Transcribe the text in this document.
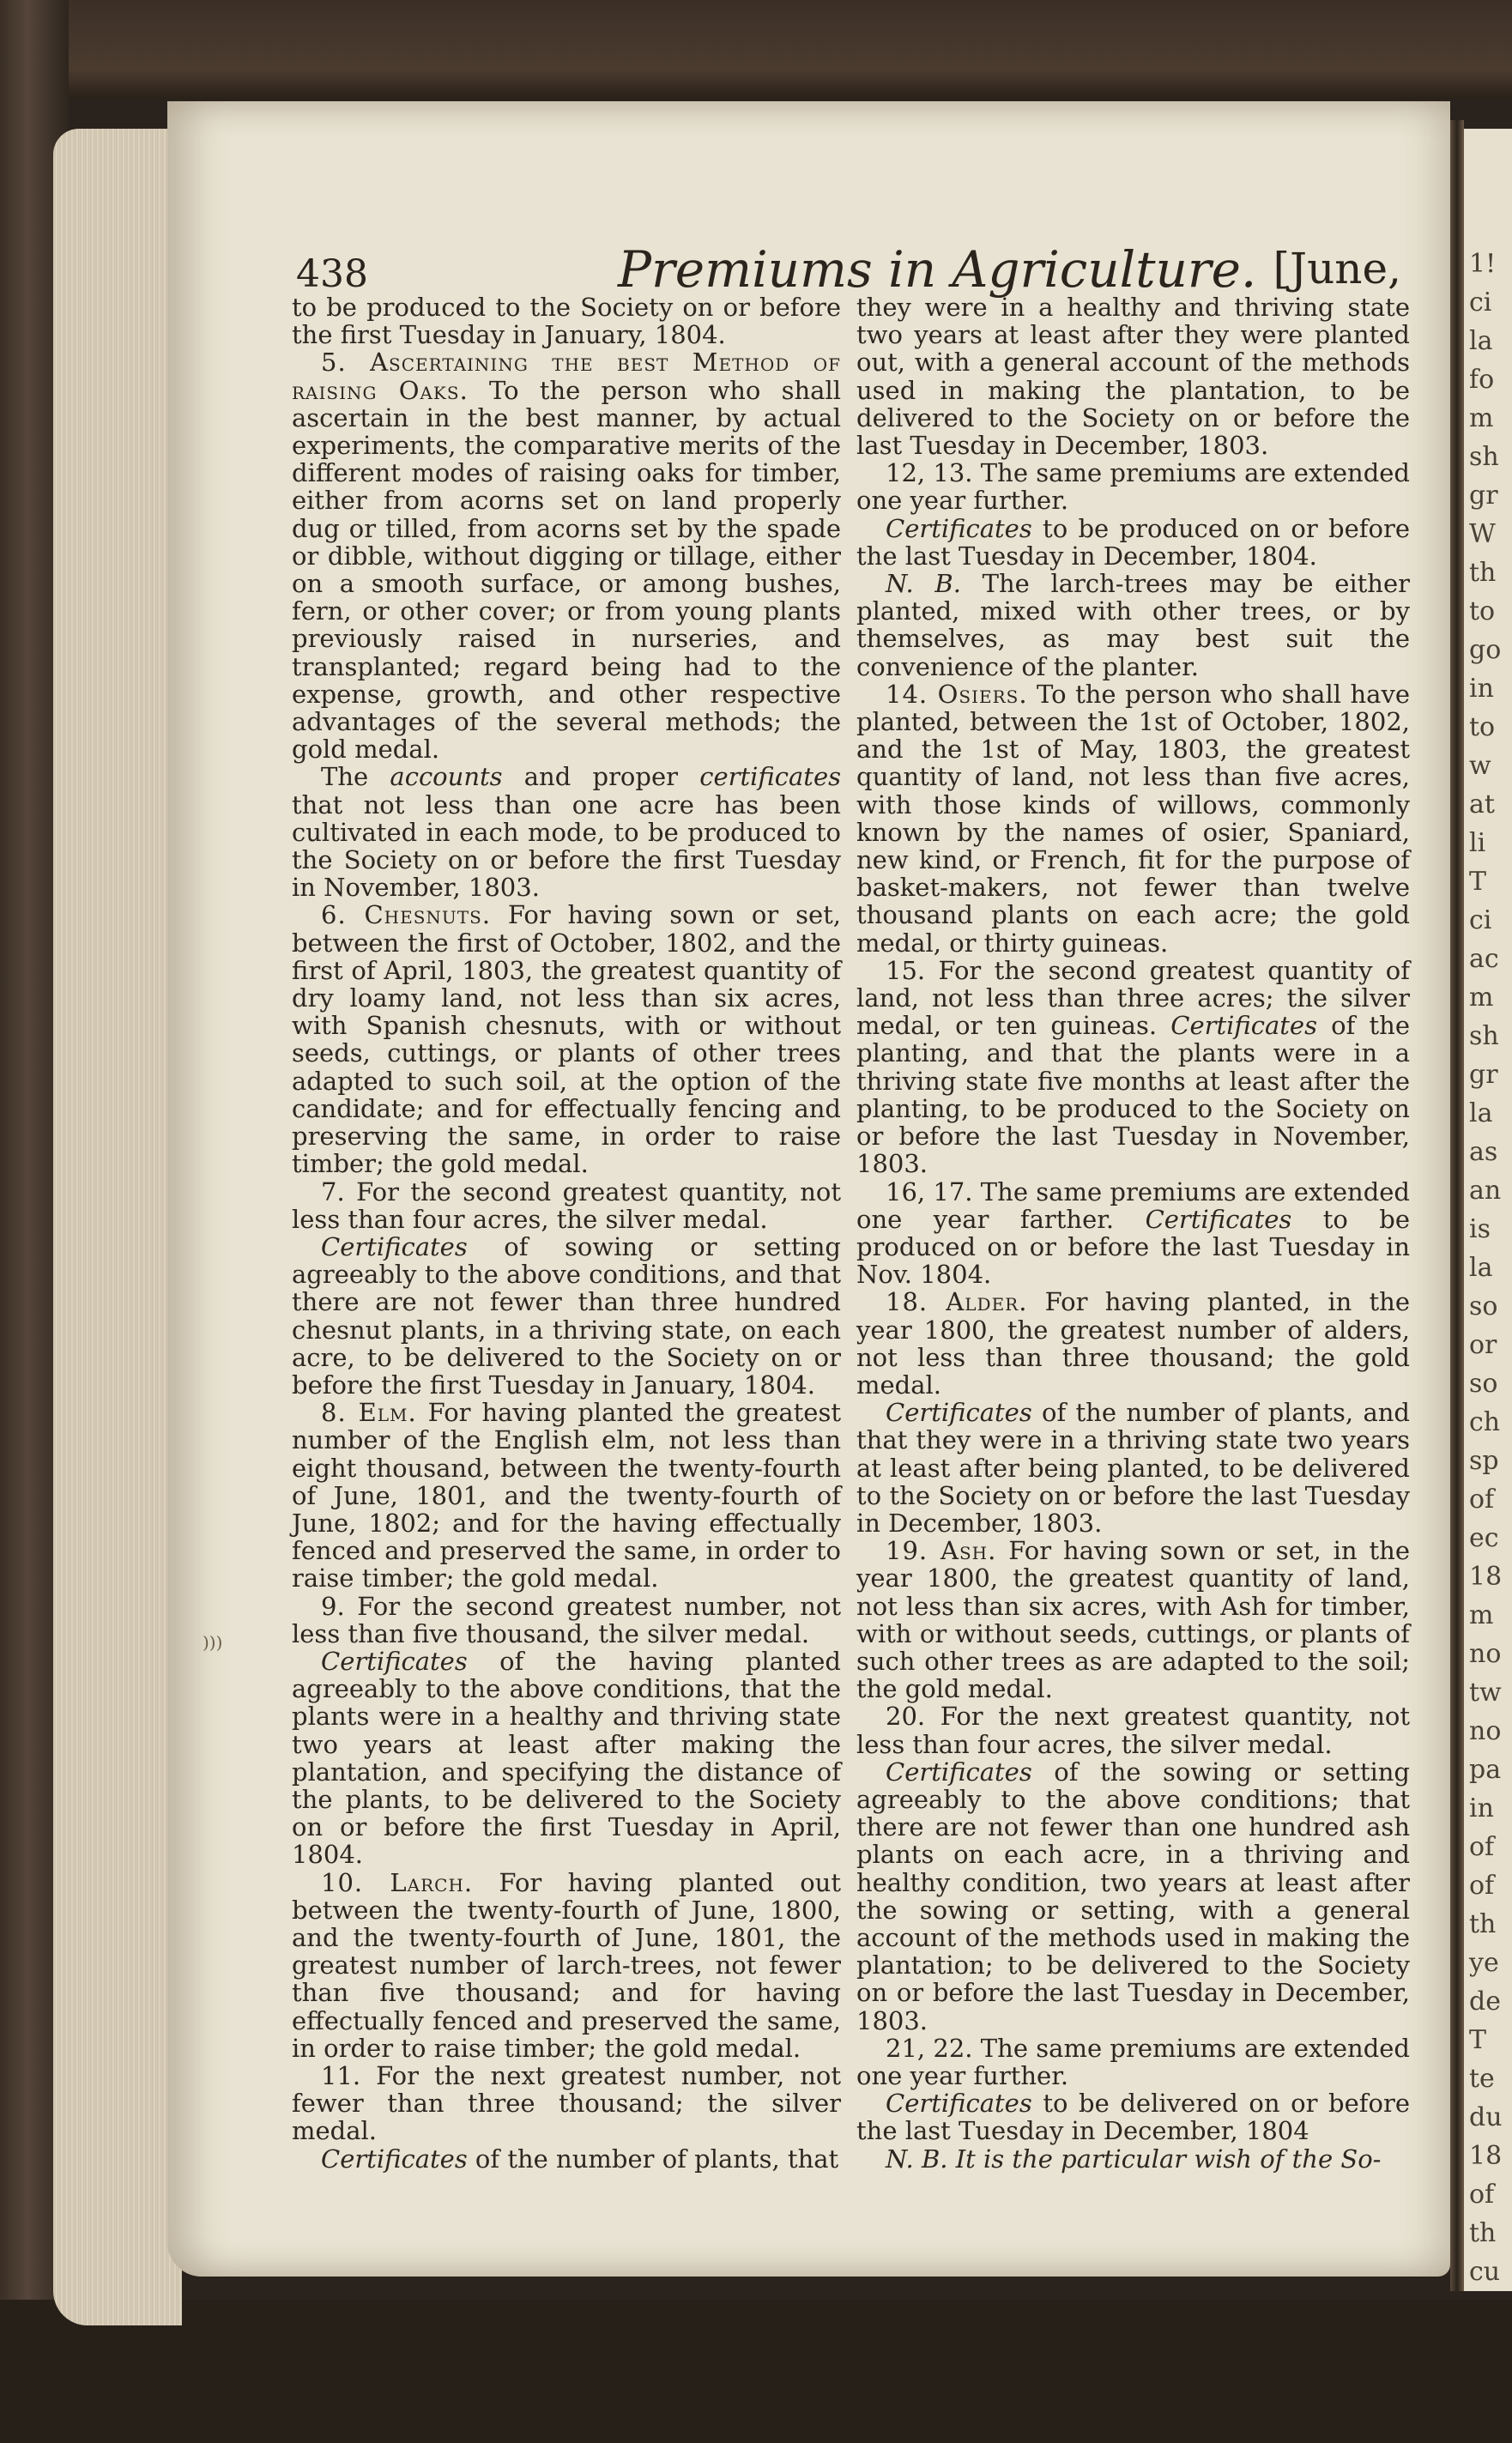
1!
ci
la
fo
m
sh
gr
W
th
to
go
in
to
w
at
li
T
ci
ac
m
sh
gr
la
as
an
is
la
so
or
so
ch
sp
of
ec
18
m
no
tw
no
pa
in
of
of
th
ye
de
T
te
du
18
of
th
cu
)))
438	Premiums in Agriculture. [June,

to be produced to the Society on or before the first Tuesday in January, 1804.

5. Ascertaining the best Method of raising Oaks. To the person who shall ascertain in the best manner, by actual experiments, the comparative merits of the different modes of raising oaks for timber, either from acorns set on land properly dug or tilled, from acorns set by the spade or dibble, without digging or tillage, either on a smooth surface, or among bushes, fern, or other cover; or from young plants previously raised in nurseries, and transplanted; regard being had to the expense, growth, and other respective advantages of the several methods; the gold medal.

The accounts and proper certificates that not less than one acre has been cultivated in each mode, to be produced to the Society on or before the first Tuesday in November, 1803.

6. Chesnuts. For having sown or set, between the first of October, 1802, and the first of April, 1803, the greatest quantity of dry loamy land, not less than six acres, with Spanish chesnuts, with or without seeds, cuttings, or plants of other trees adapted to such soil, at the option of the candidate; and for effectually fencing and preserving the same, in order to raise timber; the gold medal.

7. For the second greatest quantity, not less than four acres, the silver medal.

Certificates of sowing or setting agreeably to the above conditions, and that there are not fewer than three hundred chesnut plants, in a thriving state, on each acre, to be delivered to the Society on or before the first Tuesday in January, 1804.

8. Elm. For having planted the greatest number of the English elm, not less than eight thousand, between the twenty-fourth of June, 1801, and the twenty-fourth of June, 1802; and for the having effectually fenced and preserved the same, in order to raise timber; the gold medal.

9. For the second greatest number, not less than five thousand, the silver medal.

Certificates of the having planted agreeably to the above conditions, that the plants were in a healthy and thriving state two years at least after making the plantation, and specifying the distance of the plants, to be delivered to the Society on or before the first Tuesday in April, 1804.

10. Larch. For having planted out between the twenty-fourth of June, 1800, and the twenty-fourth of June, 1801, the greatest number of larch-trees, not fewer than five thousand; and for having effectually fenced and preserved the same, in order to raise timber; the gold medal.

11. For the next greatest number, not fewer than three thousand; the silver medal.

Certificates of the number of plants, that

they were in a healthy and thriving state two years at least after they were planted out, with a general account of the methods used in making the plantation, to be delivered to the Society on or before the last Tuesday in December, 1803.

12, 13. The same premiums are extended one year further.

Certificates to be produced on or before the last Tuesday in December, 1804.

N. B. The larch-trees may be either planted, mixed with other trees, or by themselves, as may best suit the convenience of the planter.

14. Osiers. To the person who shall have planted, between the 1st of October, 1802, and the 1st of May, 1803, the greatest quantity of land, not less than five acres, with those kinds of willows, commonly known by the names of osier, Spaniard, new kind, or French, fit for the purpose of basket-makers, not fewer than twelve thousand plants on each acre; the gold medal, or thirty guineas.

15. For the second greatest quantity of land, not less than three acres; the silver medal, or ten guineas. Certificates of the planting, and that the plants were in a thriving state five months at least after the planting, to be produced to the Society on or before the last Tuesday in November, 1803.

16, 17. The same premiums are extended one year farther. Certificates to be produced on or before the last Tuesday in Nov. 1804.

18. Alder. For having planted, in the year 1800, the greatest number of alders, not less than three thousand; the gold medal.

Certificates of the number of plants, and that they were in a thriving state two years at least after being planted, to be delivered to the Society on or before the last Tuesday in December, 1803.

19. Ash. For having sown or set, in the year 1800, the greatest quantity of land, not less than six acres, with Ash for timber, with or without seeds, cuttings, or plants of such other trees as are adapted to the soil; the gold medal.

20. For the next greatest quantity, not less than four acres, the silver medal.

Certificates of the sowing or setting agreeably to the above conditions; that there are not fewer than one hundred ash plants on each acre, in a thriving and healthy condition, two years at least after the sowing or setting, with a general account of the methods used in making the plantation; to be delivered to the Society on or before the last Tuesday in December, 1803.

21, 22. The same premiums are extended one year further.

Certificates to be delivered on or before the last Tuesday in December, 1804

N. B. It is the particular wish of the So-
